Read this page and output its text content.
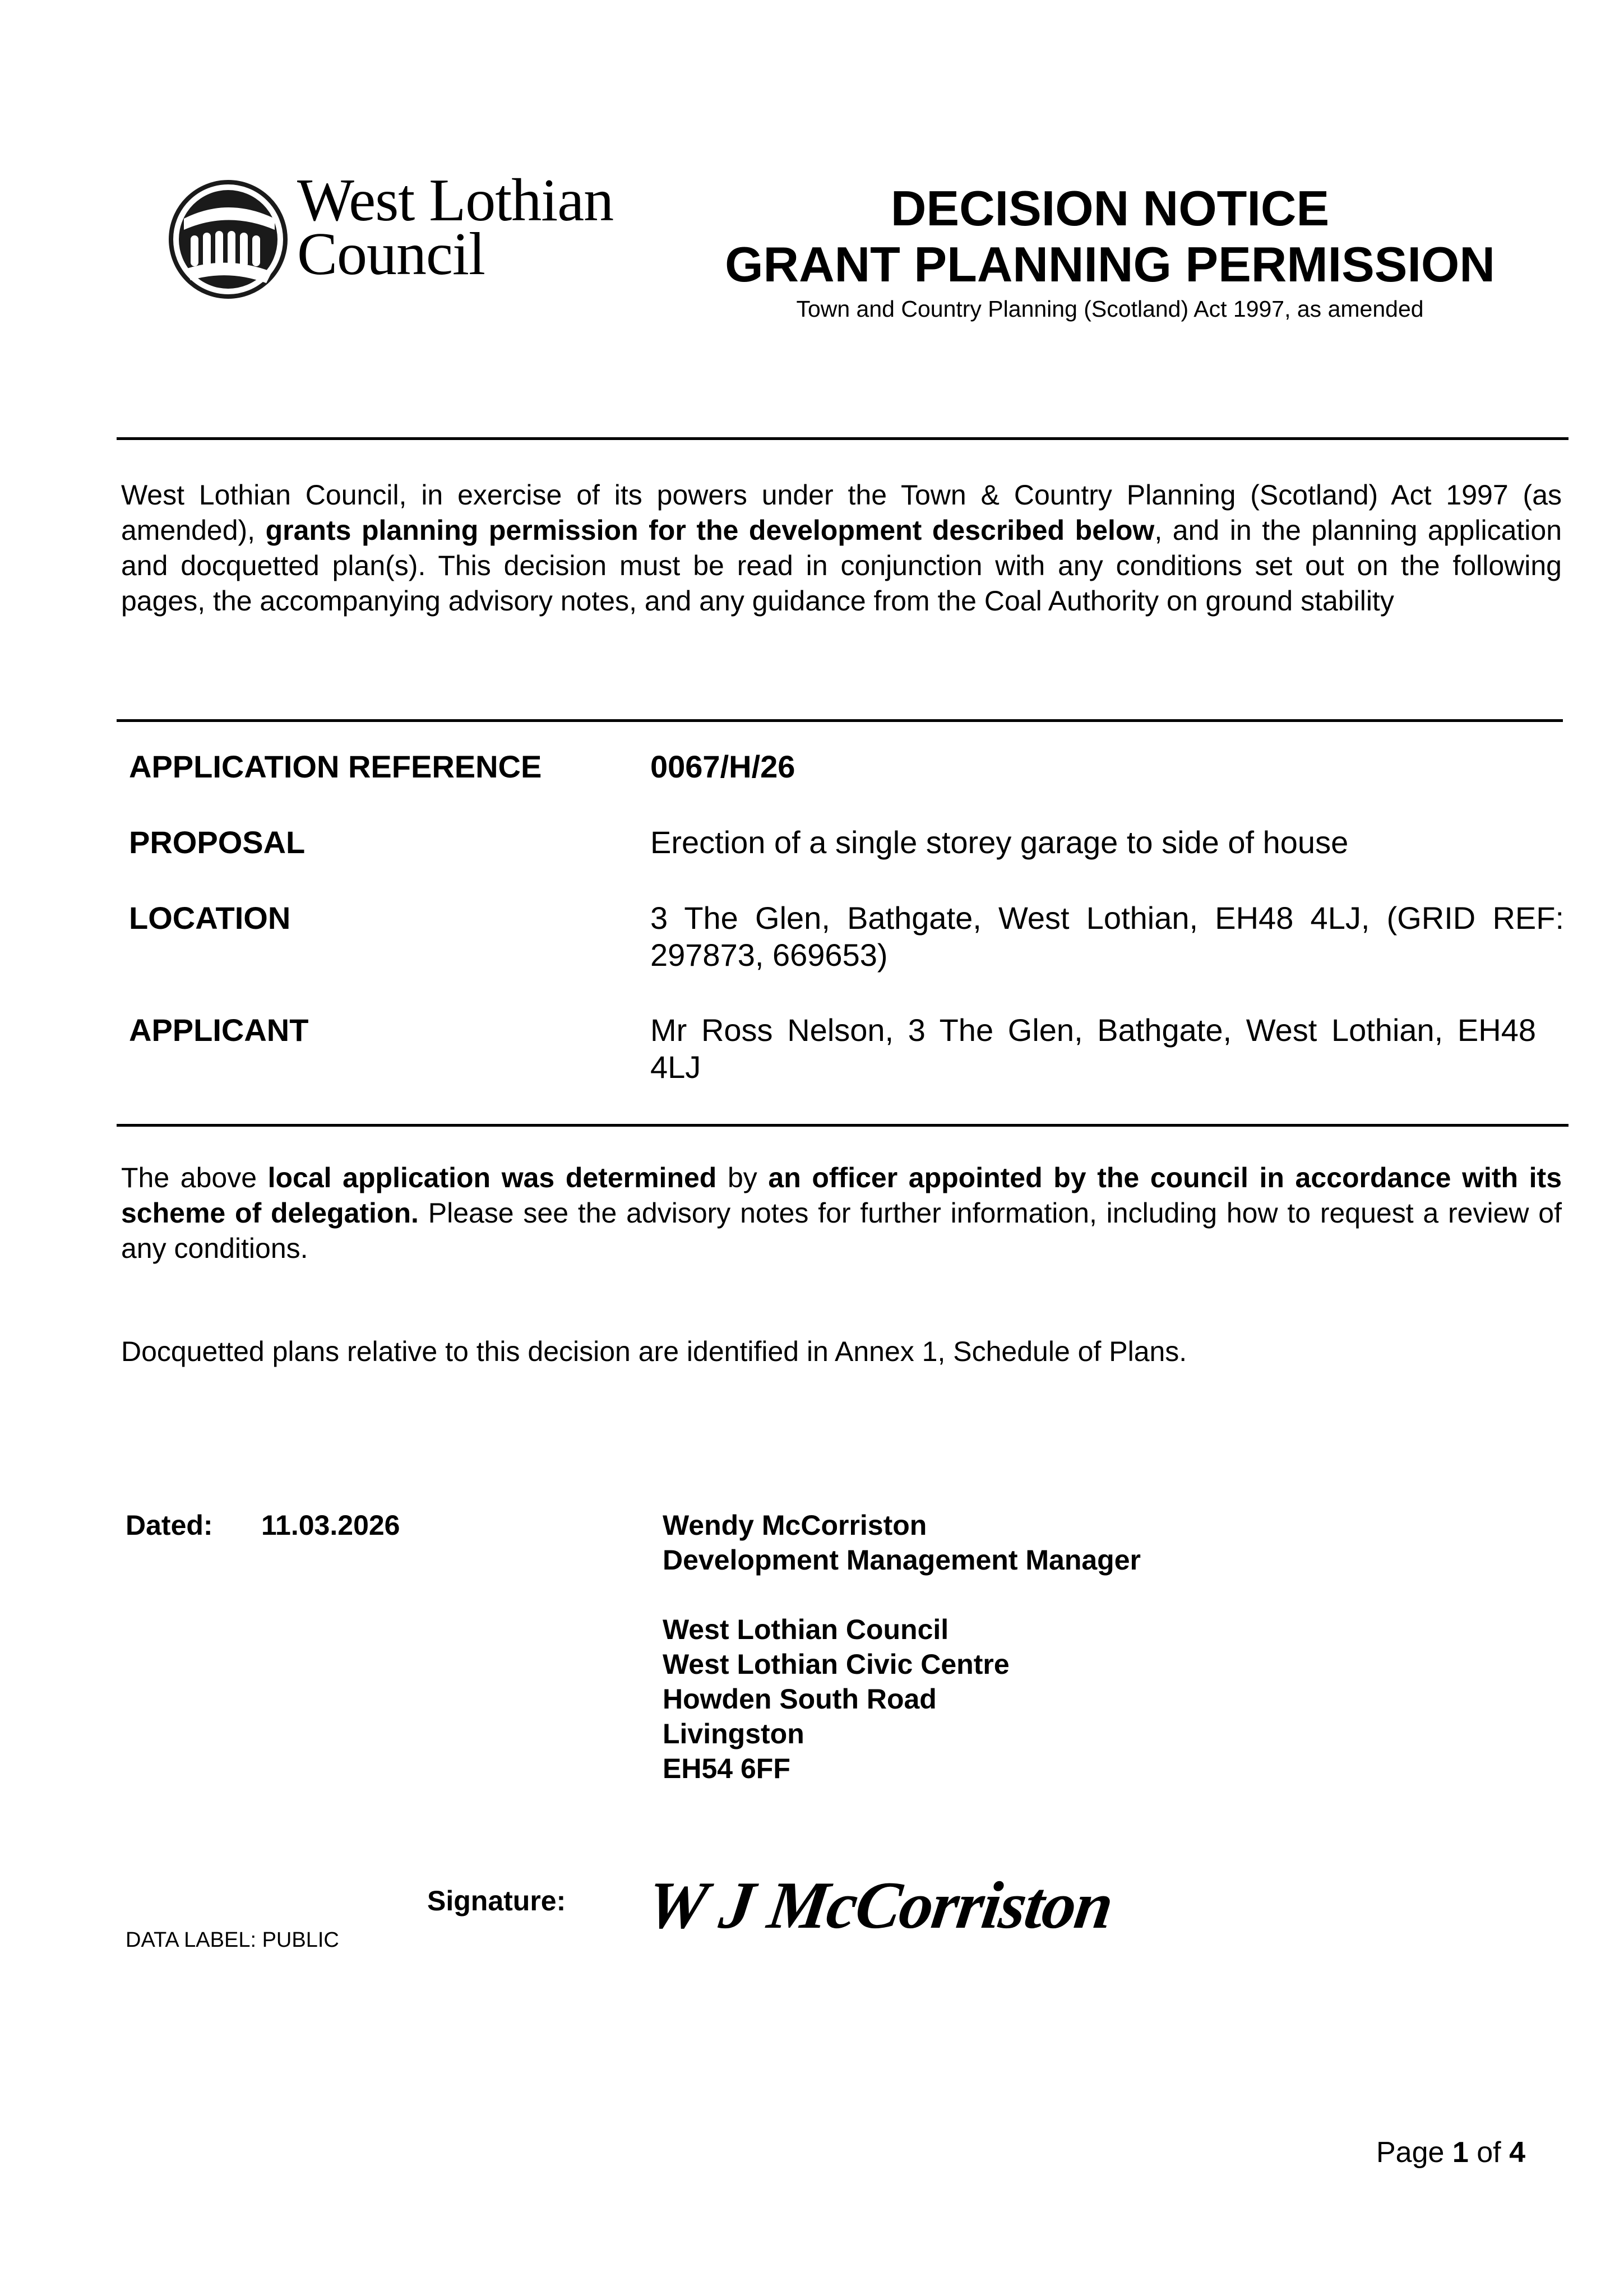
West Lothian
Council
DECISION NOTICE
GRANT PLANNING PERMISSION
Town and Country Planning (Scotland) Act 1997, as amended
West Lothian Council, in exercise of its powers under the Town & Country Planning (Scotland) Act 1997 (as amended), grants planning permission for the development described below, and in the planning application and docquetted plan(s). This decision must be read in conjunction with any conditions set out on the following pages, the accompanying advisory notes, and any guidance from the Coal Authority on ground stability
APPLICATION REFERENCE	0067/H/26
PROPOSAL	Erection of a single storey garage to side of house
LOCATION	3 The Glen, Bathgate, West Lothian, EH48 4LJ, (GRID REF: 297873, 669653)
APPLICANT	Mr Ross Nelson, 3 The Glen, Bathgate, West Lothian, EH48 4LJ
The above local application was determined by an officer appointed by the council in accordance with its scheme of delegation. Please see the advisory notes for further information, including how to request a review of any conditions.
Docquetted plans relative to this decision are identified in Annex 1, Schedule of Plans.
Dated: 11.03.2026	Wendy McCorriston
Development Management Manager
West Lothian Council
West Lothian Civic Centre
Howden South Road
Livingston
EH54 6FF
Signature: W J McCorriston
DATA LABEL: PUBLIC
Page 1 of 4
